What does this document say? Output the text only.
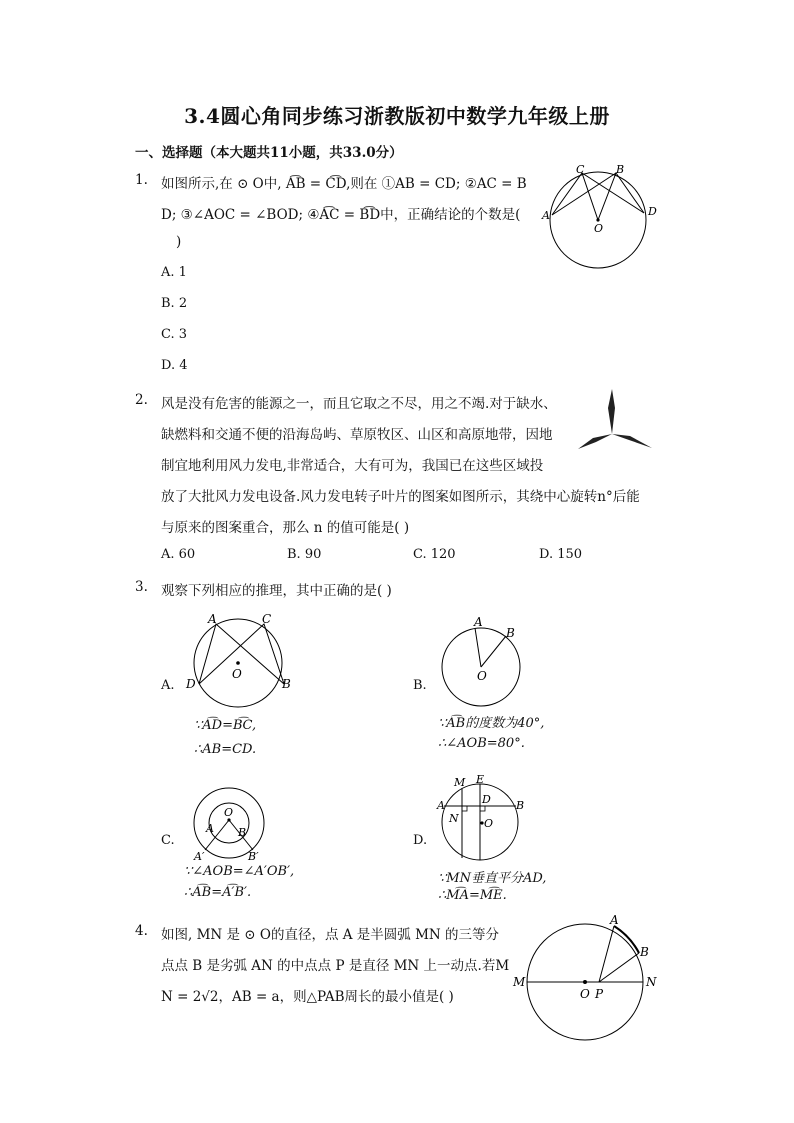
3.4圆心角同步练习浙教版初中数学九年级上册
一、选择题（本大题共11小题，共33.0分）
1. 如图所示,在 ⊙ O中, A͡B = C͡D,则在 ①AB = CD; ②AC = B
D; ③∠AOC = ∠BOD; ④A͡C = B͡D中，正确结论的个数是(
)
A. 1
B. 2
C. 3
D. 4
C	B
A	D
O
2. 风是没有危害的能源之一，而且它取之不尽，用之不竭.对于缺水、
缺燃料和交通不便的沿海岛屿、草原牧区、山区和高原地带，因地
制宜地利用风力发电,非常适合，大有可为，我国已在这些区域投
放了大批风力发电设备.风力发电转子叶片的图案如图所示，其绕中心旋转n°后能
与原来的图案重合，那么 n 的值可能是( )
A. 60	B. 90	C. 120	D. 150
3. 观察下列相应的推理，其中正确的是( )
A.
A	C
D	B
O
∵A͡D=B͡C,
∴AB=CD.
B.
A
B
O
∵A͡B的度数为40°,
∴∠AOB=80°.
C.
O
A B
A′	B′
∵∠AOB=∠A′OB′,
∴A͡B=A͡′B′.
D.
M E
A	D B
N O
∵MN垂直平分AD,
∴M͡A=M͡E.
4. 如图, MN 是 ⊙ O的直径，点 A 是半圆弧 MN 的三等分
点点 B 是劣弧 AN 的中点点 P 是直径 MN 上一动点.若M
N = 2√2，AB = a，则△PAB周长的最小值是( )
A
B
M	N
O P
